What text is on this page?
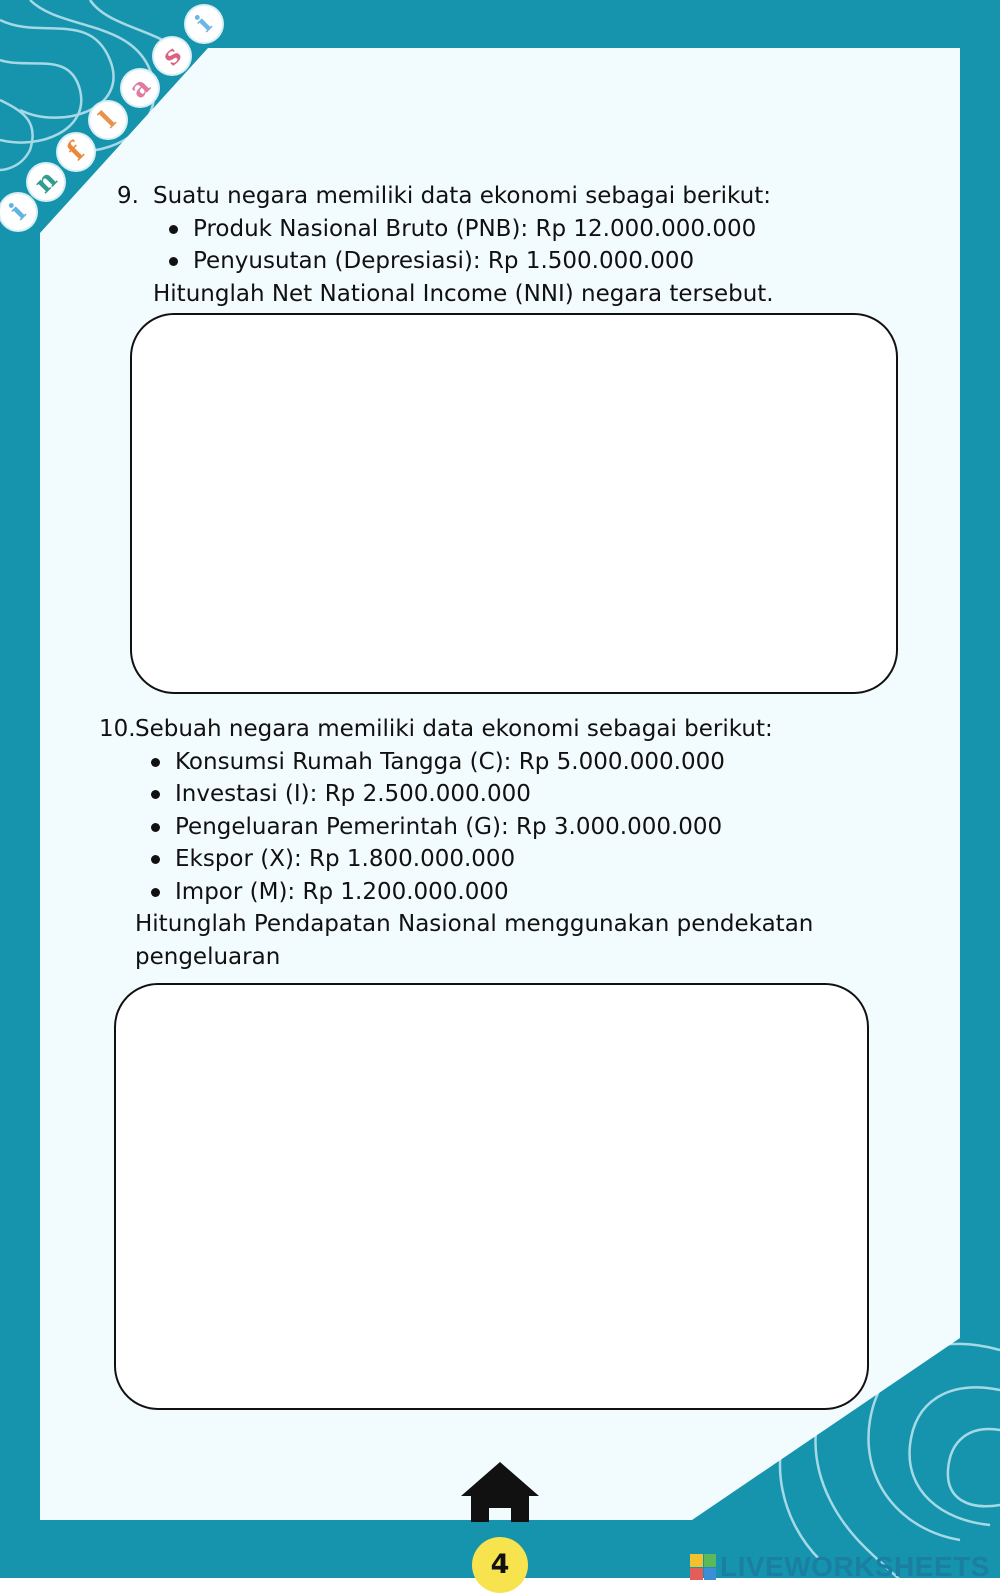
i
n
f
l
a
s
i
9. Suatu negara memiliki data ekonomi sebagai berikut:
Produk Nasional Bruto (PNB): Rp 12.000.000.000
Penyusutan (Depresiasi): Rp 1.500.000.000
Hitunglah Net National Income (NNI) negara tersebut.
10. Sebuah negara memiliki data ekonomi sebagai berikut:
Konsumsi Rumah Tangga (C): Rp 5.000.000.000
Investasi (I): Rp 2.500.000.000
Pengeluaran Pemerintah (G): Rp 3.000.000.000
Ekspor (X): Rp 1.800.000.000
Impor (M): Rp 1.200.000.000
Hitunglah Pendapatan Nasional menggunakan pendekatan
pengeluaran
4	LIVEWORKSHEETS
